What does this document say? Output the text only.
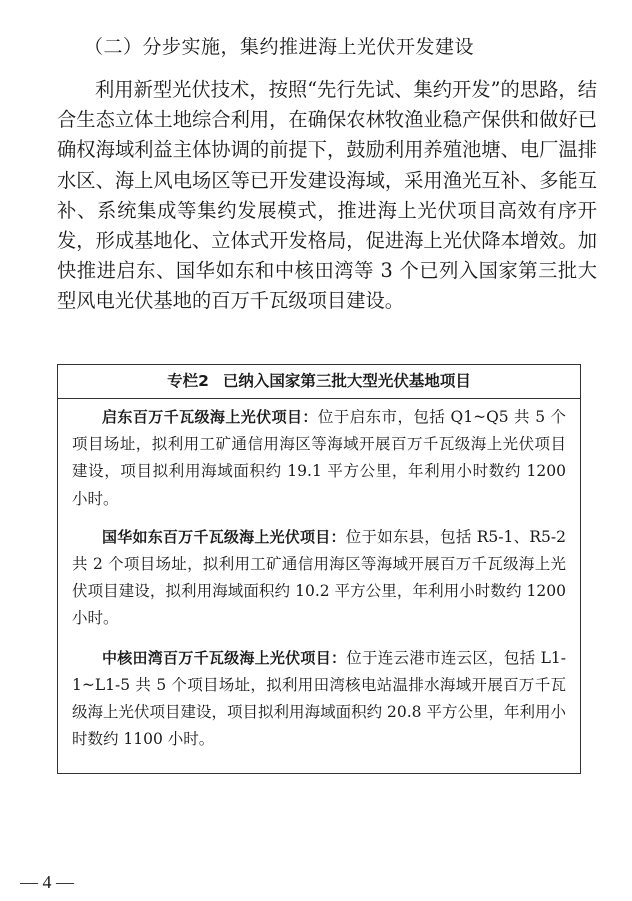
（二）分步实施，集约推进海上光伏开发建设

利用新型光伏技术，按照“先行先试、集约开发”的思路，结合生态立体土地综合利用，在确保农林牧渔业稳产保供和做好已确权海域利益主体协调的前提下，鼓励利用养殖池塘、电厂温排水区、海上风电场区等已开发建设海域，采用渔光互补、多能互补、系统集成等集约发展模式，推进海上光伏项目高效有序开发，形成基地化、立体式开发格局，促进海上光伏降本增效。加快推进启东、国华如东和中核田湾等 3 个已列入国家第三批大型风电光伏基地的百万千瓦级项目建设。

专栏2 已纳入国家第三批大型光伏基地项目

启东百万千瓦级海上光伏项目：位于启东市，包括 Q1~Q5 共 5 个项目场址，拟利用工矿通信用海区等海域开展百万千瓦级海上光伏项目建设，项目拟利用海域面积约 19.1 平方公里，年利用小时数约 1200 小时。

国华如东百万千瓦级海上光伏项目：位于如东县，包括 R5-1、R5-2 共 2 个项目场址，拟利用工矿通信用海区等海域开展百万千瓦级海上光伏项目建设，拟利用海域面积约 10.2 平方公里，年利用小时数约 1200 小时。

中核田湾百万千瓦级海上光伏项目：位于连云港市连云区，包括 L1-1~L1-5 共 5 个项目场址，拟利用田湾核电站温排水海域开展百万千瓦级海上光伏项目建设，项目拟利用海域面积约 20.8 平方公里，年利用小时数约 1100 小时。

— 4 —
